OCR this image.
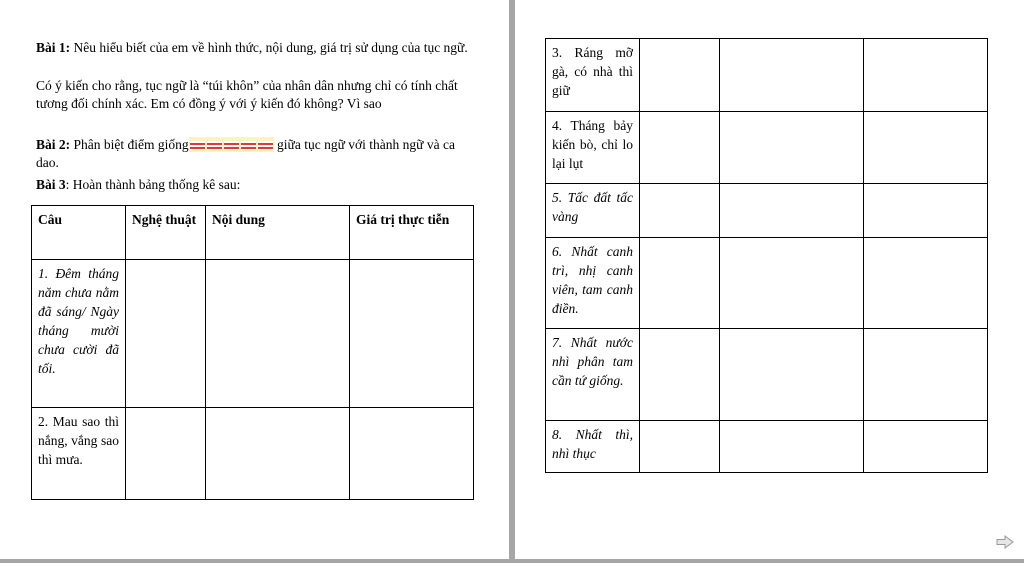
Bài 1: Nêu hiểu biết của em về hình thức, nội dung, giá trị sử dụng của tục ngữ.

Có ý kiến cho rằng, tục ngữ là “túi khôn” của nhân dân nhưng chỉ có tính chất tương đối chính xác. Em có đồng ý với ý kiến đó không? Vì sao

Bài 2: Phân biệt điểm giống	giữa tục ngữ với thành ngữ và ca dao.

Bài 3: Hoàn thành bảng thống kê sau:

Câu	Nghệ thuật	Nội dung	Giá trị thực tiễn
1. Đêm tháng năm chưa nằm đã sáng/ Ngày tháng mười chưa cười đã tối.			
2. Mau sao thì nắng, vắng sao thì mưa.			
3. Ráng mỡ gà, có nhà thì giữ			
4. Tháng bảy kiến bò, chỉ lo lại lụt			
5. Tấc đất tấc vàng			
6. Nhất canh trì, nhị canh viên, tam canh điền.			
7. Nhất nước nhì phân tam cần tứ giống.			
8. Nhất thì, nhì thục			
